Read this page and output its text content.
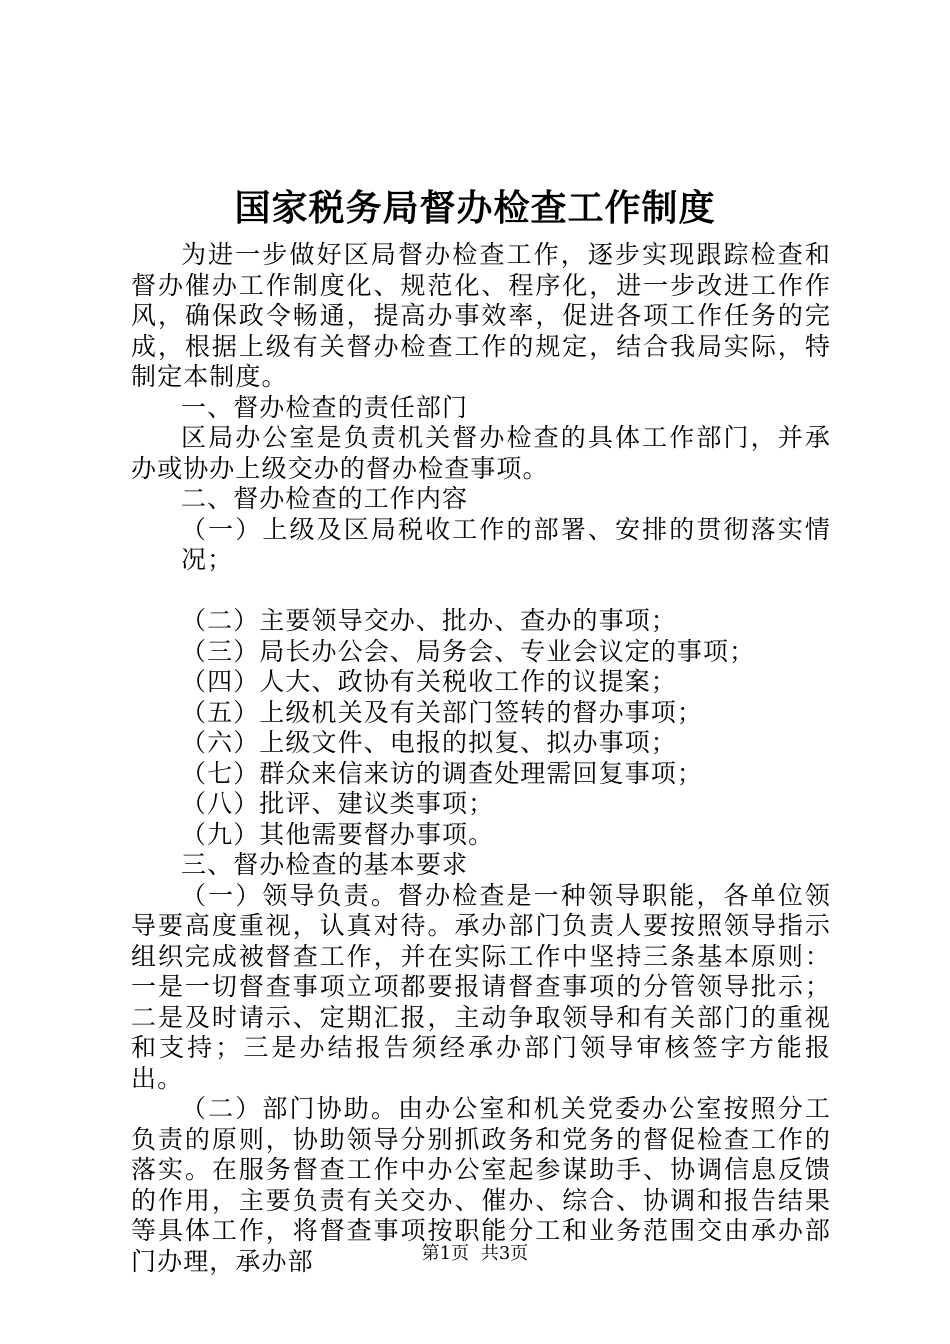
国家税务局督办检查工作制度

为进一步做好区局督办检查工作，逐步实现跟踪检查和督办催办工作制度化、规范化、程序化，进一步改进工作作风，确保政令畅通，提高办事效率，促进各项工作任务的完成，根据上级有关督办检查工作的规定，结合我局实际，特制定本制度。

一、督办检查的责任部门

区局办公室是负责机关督办检查的具体工作部门，并承办或协办上级交办的督办检查事项。

二、督办检查的工作内容

（一）上级及区局税收工作的部署、安排的贯彻落实情况；

（二）主要领导交办、批办、查办的事项；

（三）局长办公会、局务会、专业会议定的事项；

（四）人大、政协有关税收工作的议提案；

（五）上级机关及有关部门签转的督办事项；

（六）上级文件、电报的拟复、拟办事项；

（七）群众来信来访的调查处理需回复事项；

（八）批评、建议类事项；

（九）其他需要督办事项。

三、督办检查的基本要求

（一）领导负责。督办检查是一种领导职能，各单位领导要高度重视，认真对待。承办部门负责人要按照领导指示组织完成被督查工作，并在实际工作中坚持三条基本原则：一是一切督查事项立项都要报请督查事项的分管领导批示；二是及时请示、定期汇报，主动争取领导和有关部门的重视和支持；三是办结报告须经承办部门领导审核签字方能报出。

（二）部门协助。由办公室和机关党委办公室按照分工负责的原则，协助领导分别抓政务和党务的督促检查工作的落实。在服务督查工作中办公室起参谋助手、协调信息反馈的作用，主要负责有关交办、催办、综合、协调和报告结果等具体工作，将督查事项按职能分工和业务范围交由承办部门办理，承办部	第1页 共3页
